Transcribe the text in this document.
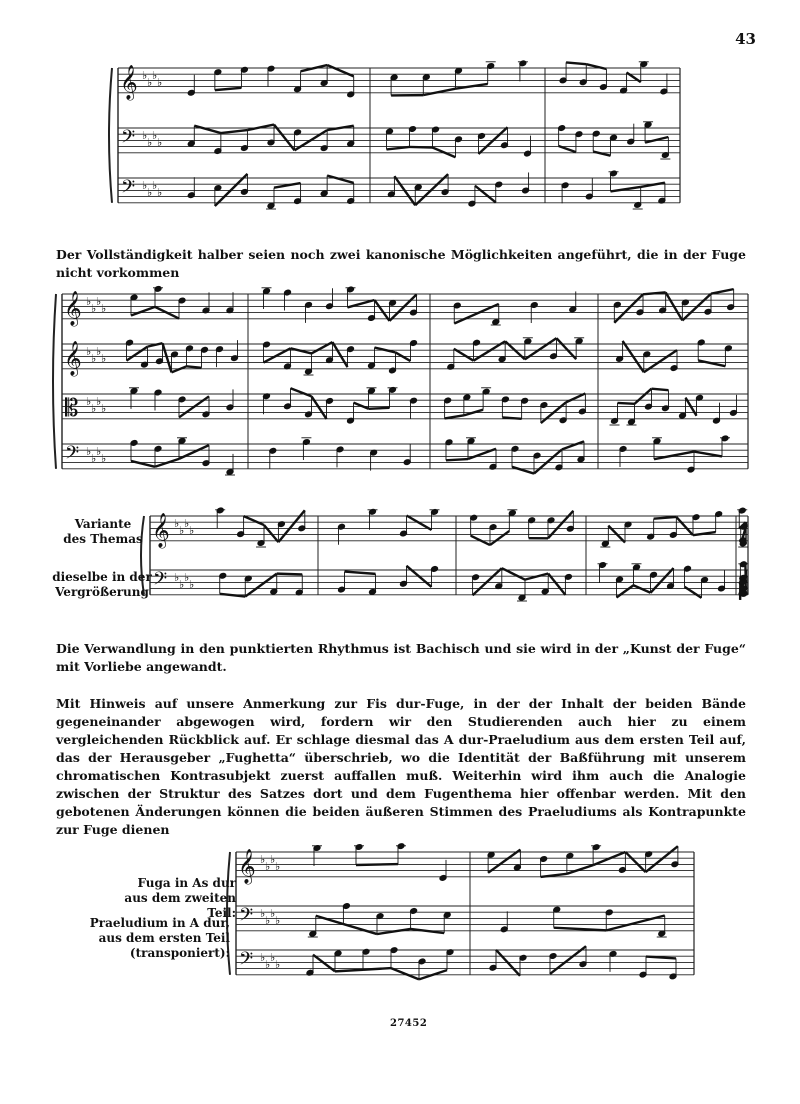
43
𝄞 ♭
♭
♭
♭
𝄢 ♭
♭
♭
♭
𝄢 ♭
♭
♭
♭
𝄞 ♭
♭
♭
♭
𝄞 ♭
♭
♭
♭
𝄡 ♭
♭
♭
♭
𝄢 ♭
♭
♭
♭
𝄞 ♭
♭
♭
♭
𝄢 ♭
♭
♭
♭
𝄞 ♭
♭
♭
♭
𝄢 ♭
♭
♭
♭
𝄢 ♭
♭
♭
♭
Der Vollständigkeit halber seien noch zwei kanonische Möglichkeiten angeführt, die in der Fuge nicht vorkommen
Die Verwandlung in den punktierten Rhythmus ist Bachisch und sie wird in der „Kunst der Fuge“ mit Vorliebe angewandt.
Mit Hinweis auf unsere Anmerkung zur Fis dur-Fuge, in der der Inhalt der beiden Bände gegeneinander abgewogen wird, fordern wir den Studierenden auch hier zu einem vergleichenden Rückblick auf. Er schlage diesmal das A dur-Praeludium aus dem ersten Teil auf, das der Herausgeber „Fughetta“ überschrieb, wo die Identität der Baßführung mit unserem chromatischen Kontrasubjekt zuerst auffallen muß. Weiterhin wird ihm auch die Analogie zwischen der Struktur des Satzes dort und dem Fugenthema hier offenbar werden. Mit den gebotenen Änderungen können die beiden äußeren Stimmen des Praeludiums als Kontrapunkte zur Fuge dienen
Variante
des Themas
dieselbe in der
Vergrößerung
Fuga in As dur
aus dem zweiten Teil:
Praeludium in A dur,
aus dem ersten Teil
(transponiert):
27452
